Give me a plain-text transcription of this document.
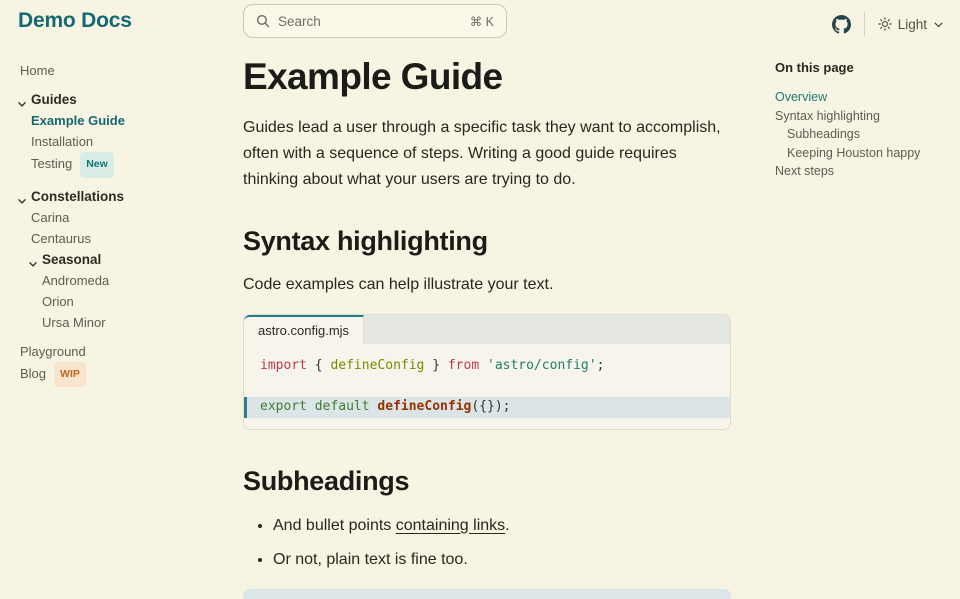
Demo Docs	Search	⌘ K	Light
Home
Guides
Example Guide
Installation
Testing New
Constellations
Carina
Centaurus
Seasonal
Andromeda
Orion
Ursa Minor
Playground
Blog WIP
Example Guide

Guides lead a user through a specific task they want to accomplish, often with a sequence of steps. Writing a good guide requires thinking about what your users are trying to do.

Syntax highlighting

Code examples can help illustrate your text.

astro.config.mjs
import { defineConfig } from 'astro/config';

export default defineConfig({});
Subheadings
• And bullet points containing links.
• Or not, plain text is fine too.
On this page
Overview
Syntax highlighting
Subheadings
Keeping Houston happy
Next steps
